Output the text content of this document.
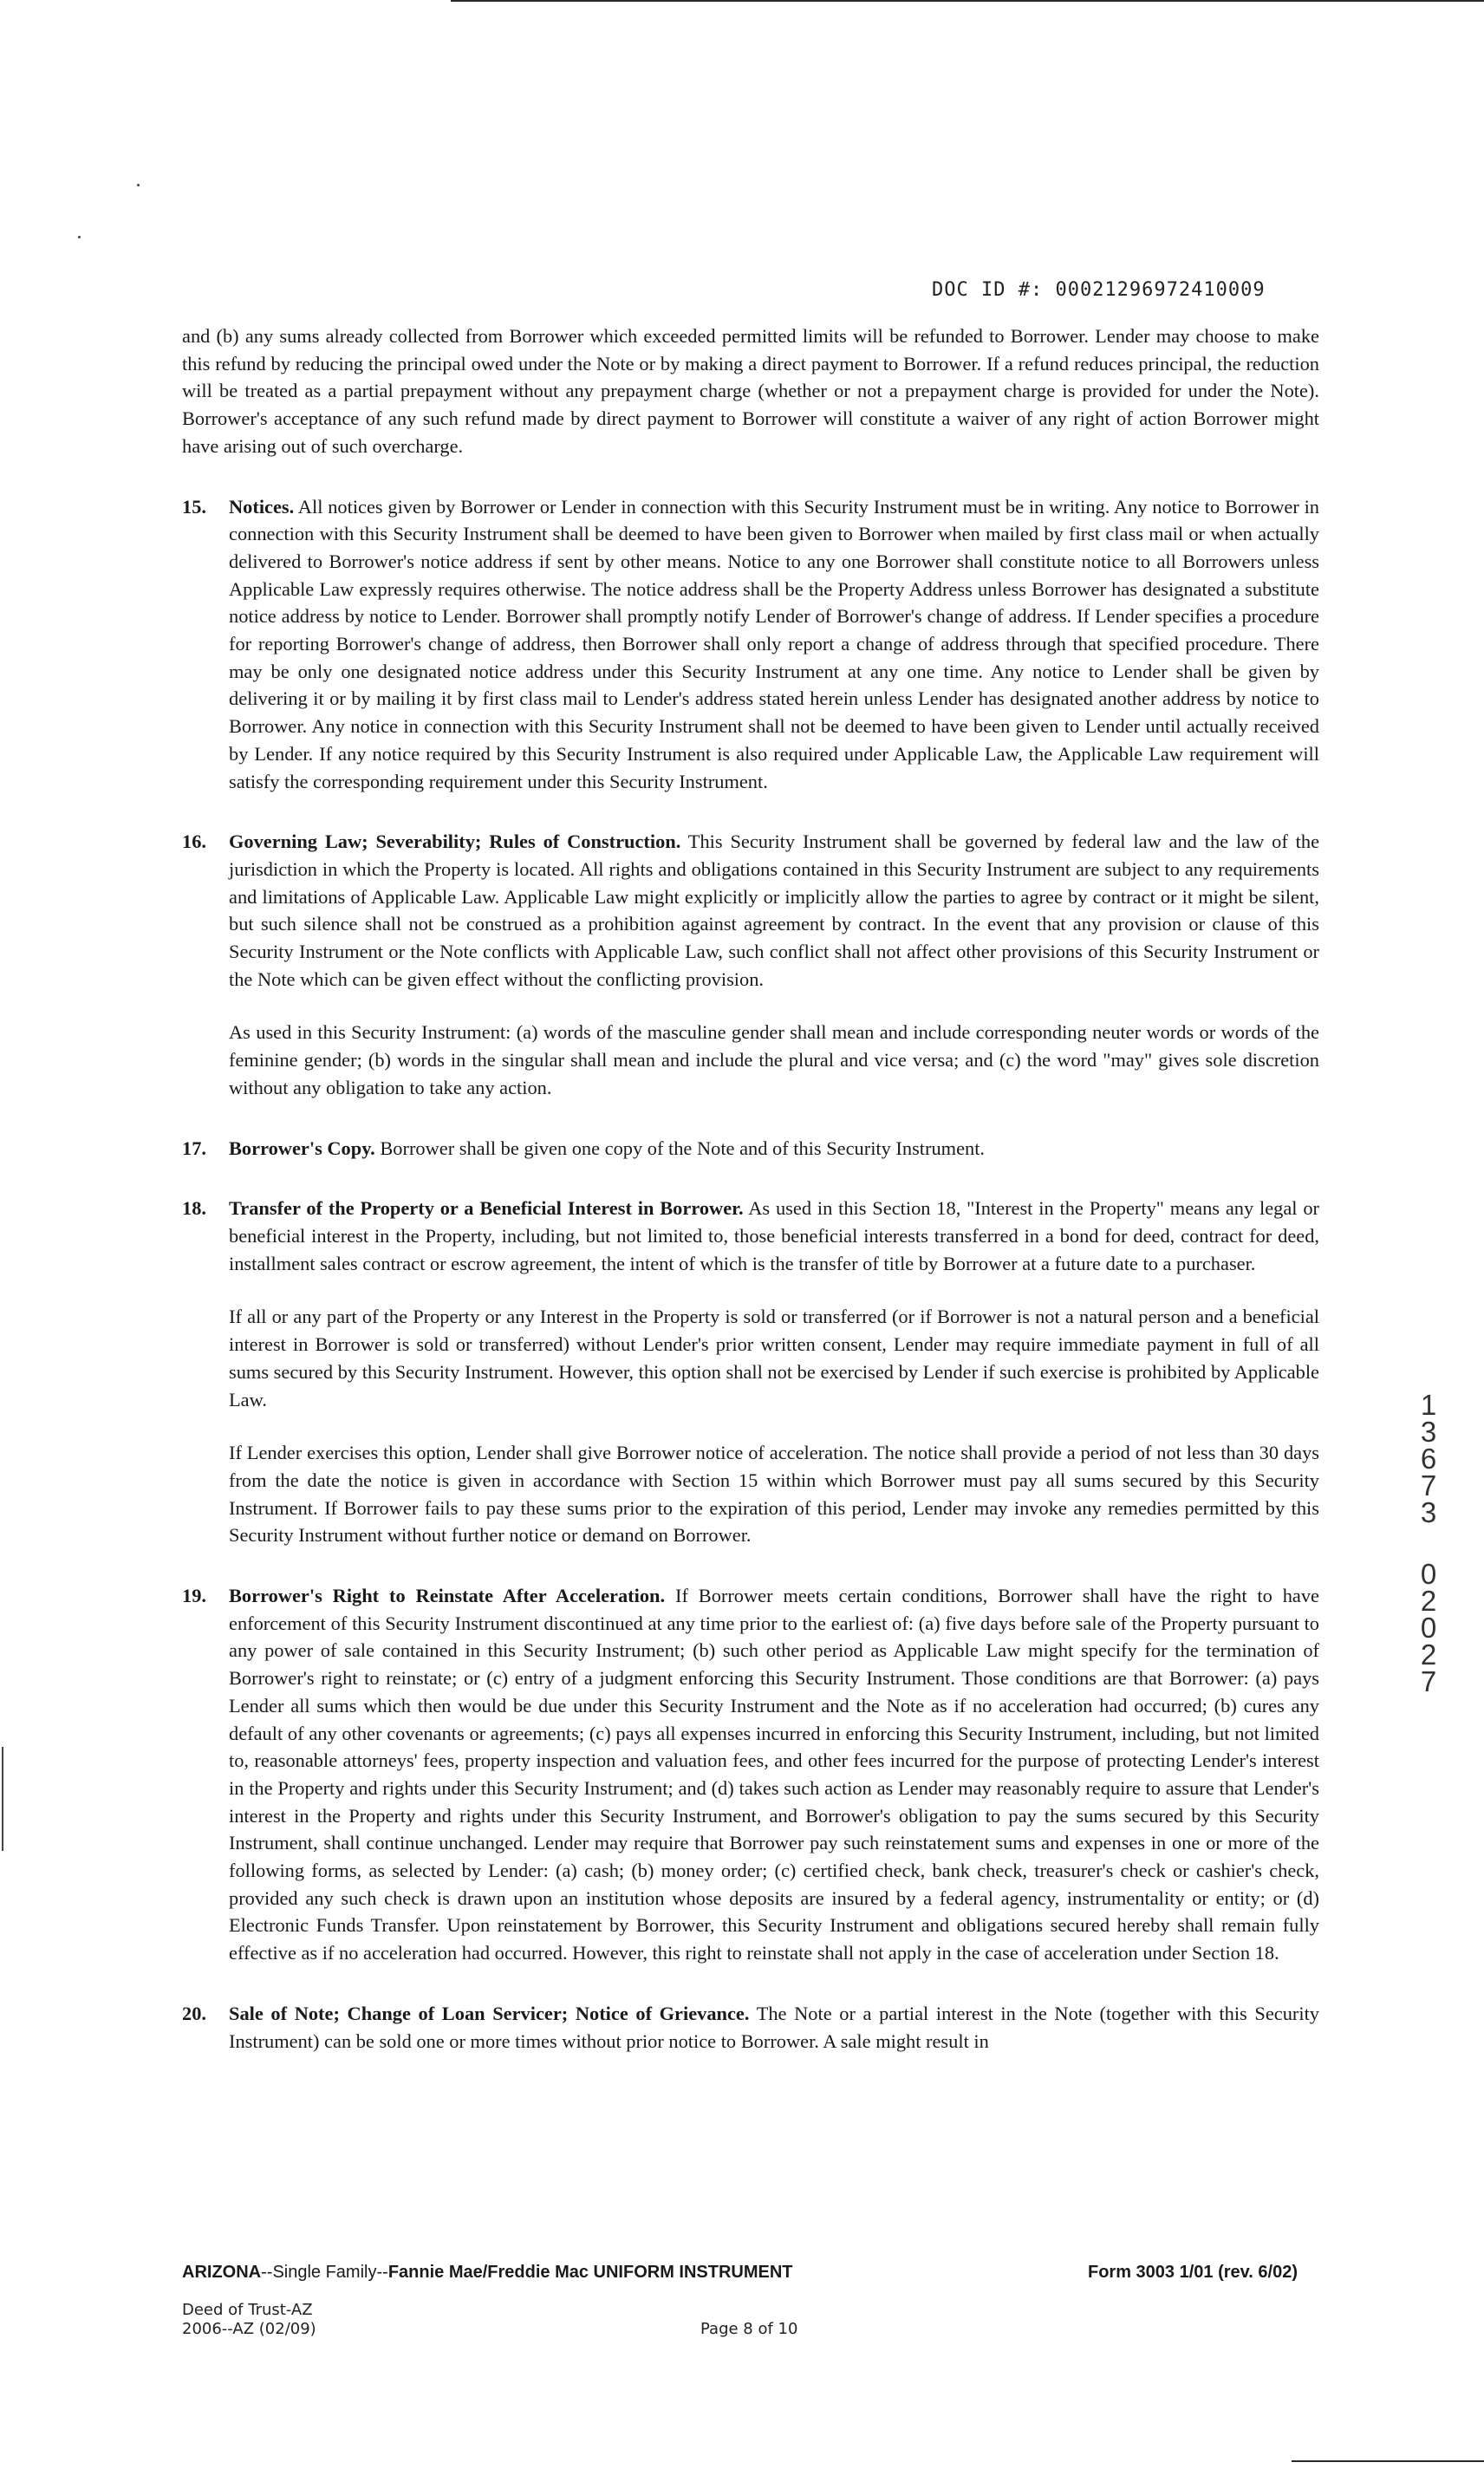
DOC ID #: 00021296972410009

and (b) any sums already collected from Borrower which exceeded permitted limits will be refunded to Borrower. Lender may choose to make this refund by reducing the principal owed under the Note or by making a direct payment to Borrower. If a refund reduces principal, the reduction will be treated as a partial prepayment without any prepayment charge (whether or not a prepayment charge is provided for under the Note). Borrower's acceptance of any such refund made by direct payment to Borrower will constitute a waiver of any right of action Borrower might have arising out of such overcharge.

15. Notices. All notices given by Borrower or Lender in connection with this Security Instrument must be in writing. Any notice to Borrower in connection with this Security Instrument shall be deemed to have been given to Borrower when mailed by first class mail or when actually delivered to Borrower's notice address if sent by other means. Notice to any one Borrower shall constitute notice to all Borrowers unless Applicable Law expressly requires otherwise. The notice address shall be the Property Address unless Borrower has designated a substitute notice address by notice to Lender. Borrower shall promptly notify Lender of Borrower's change of address. If Lender specifies a procedure for reporting Borrower's change of address, then Borrower shall only report a change of address through that specified procedure. There may be only one designated notice address under this Security Instrument at any one time. Any notice to Lender shall be given by delivering it or by mailing it by first class mail to Lender's address stated herein unless Lender has designated another address by notice to Borrower. Any notice in connection with this Security Instrument shall not be deemed to have been given to Lender until actually received by Lender. If any notice required by this Security Instrument is also required under Applicable Law, the Applicable Law requirement will satisfy the corresponding requirement under this Security Instrument.

16. Governing Law; Severability; Rules of Construction. This Security Instrument shall be governed by federal law and the law of the jurisdiction in which the Property is located. All rights and obligations contained in this Security Instrument are subject to any requirements and limitations of Applicable Law. Applicable Law might explicitly or implicitly allow the parties to agree by contract or it might be silent, but such silence shall not be construed as a prohibition against agreement by contract. In the event that any provision or clause of this Security Instrument or the Note conflicts with Applicable Law, such conflict shall not affect other provisions of this Security Instrument or the Note which can be given effect without the conflicting provision.

As used in this Security Instrument: (a) words of the masculine gender shall mean and include corresponding neuter words or words of the feminine gender; (b) words in the singular shall mean and include the plural and vice versa; and (c) the word "may" gives sole discretion without any obligation to take any action.

17. Borrower's Copy. Borrower shall be given one copy of the Note and of this Security Instrument.

18. Transfer of the Property or a Beneficial Interest in Borrower. As used in this Section 18, "Interest in the Property" means any legal or beneficial interest in the Property, including, but not limited to, those beneficial interests transferred in a bond for deed, contract for deed, installment sales contract or escrow agreement, the intent of which is the transfer of title by Borrower at a future date to a purchaser.

If all or any part of the Property or any Interest in the Property is sold or transferred (or if Borrower is not a natural person and a beneficial interest in Borrower is sold or transferred) without Lender's prior written consent, Lender may require immediate payment in full of all sums secured by this Security Instrument. However, this option shall not be exercised by Lender if such exercise is prohibited by Applicable Law.

If Lender exercises this option, Lender shall give Borrower notice of acceleration. The notice shall provide a period of not less than 30 days from the date the notice is given in accordance with Section 15 within which Borrower must pay all sums secured by this Security Instrument. If Borrower fails to pay these sums prior to the expiration of this period, Lender may invoke any remedies permitted by this Security Instrument without further notice or demand on Borrower.

19. Borrower's Right to Reinstate After Acceleration. If Borrower meets certain conditions, Borrower shall have the right to have enforcement of this Security Instrument discontinued at any time prior to the earliest of: (a) five days before sale of the Property pursuant to any power of sale contained in this Security Instrument; (b) such other period as Applicable Law might specify for the termination of Borrower's right to reinstate; or (c) entry of a judgment enforcing this Security Instrument. Those conditions are that Borrower: (a) pays Lender all sums which then would be due under this Security Instrument and the Note as if no acceleration had occurred; (b) cures any default of any other covenants or agreements; (c) pays all expenses incurred in enforcing this Security Instrument, including, but not limited to, reasonable attorneys' fees, property inspection and valuation fees, and other fees incurred for the purpose of protecting Lender's interest in the Property and rights under this Security Instrument; and (d) takes such action as Lender may reasonably require to assure that Lender's interest in the Property and rights under this Security Instrument, and Borrower's obligation to pay the sums secured by this Security Instrument, shall continue unchanged. Lender may require that Borrower pay such reinstatement sums and expenses in one or more of the following forms, as selected by Lender: (a) cash; (b) money order; (c) certified check, bank check, treasurer's check or cashier's check, provided any such check is drawn upon an institution whose deposits are insured by a federal agency, instrumentality or entity; or (d) Electronic Funds Transfer. Upon reinstatement by Borrower, this Security Instrument and obligations secured hereby shall remain fully effective as if no acceleration had occurred. However, this right to reinstate shall not apply in the case of acceleration under Section 18.

20. Sale of Note; Change of Loan Servicer; Notice of Grievance. The Note or a partial interest in the Note (together with this Security Instrument) can be sold one or more times without prior notice to Borrower. A sale might result in

1
3
6
7
3
0
2
0
2
7
ARIZONA--Single Family--Fannie Mae/Freddie Mac UNIFORM INSTRUMENT	Form 3003 1/01 (rev. 6/02)
Deed of Trust-AZ
2006--AZ (02/09)	Page 8 of 10
